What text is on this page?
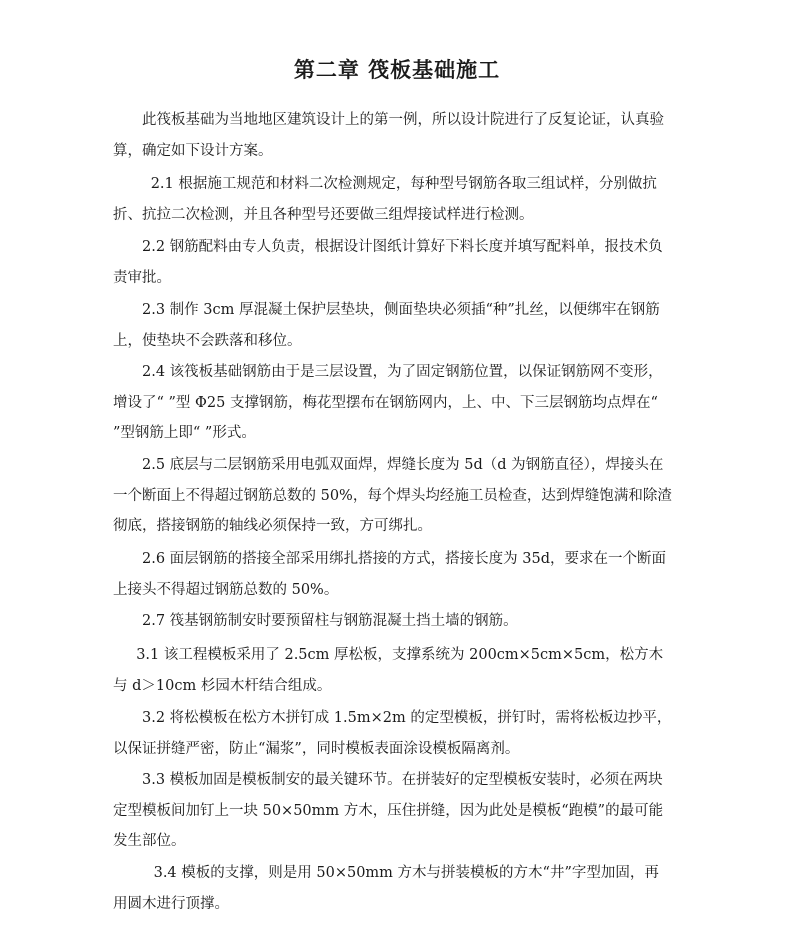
第二章 筏板基础施工

此筏板基础为当地地区建筑设计上的第一例，所以设计院进行了反复论证，认真验算，确定如下设计方案。

2.1 根据施工规范和材料二次检测规定，每种型号钢筋各取三组试样，分别做抗折、抗拉二次检测，并且各种型号还要做三组焊接试样进行检测。

2.2 钢筋配料由专人负责，根据设计图纸计算好下料长度并填写配料单，报技术负责审批。

2.3 制作 3cm 厚混凝土保护层垫块，侧面垫块必须插“种”扎丝，以便绑牢在钢筋上，使垫块不会跌落和移位。

2.4 该筏板基础钢筋由于是三层设置，为了固定钢筋位置，以保证钢筋网不变形，增设了“ ”型 Φ25 支撑钢筋，梅花型摆布在钢筋网内，上、中、下三层钢筋均点焊在“ ”型钢筋上即“ ”形式。

2.5 底层与二层钢筋采用电弧双面焊，焊缝长度为 5d（d 为钢筋直径），焊接头在一个断面上不得超过钢筋总数的 50%，每个焊头均经施工员检查，达到焊缝饱满和除渣彻底，搭接钢筋的轴线必须保持一致，方可绑扎。

2.6 面层钢筋的搭接全部采用绑扎搭接的方式，搭接长度为 35d，要求在一个断面上接头不得超过钢筋总数的 50%。

2.7 筏基钢筋制安时要预留柱与钢筋混凝土挡土墙的钢筋。

3.1 该工程模板采用了 2.5cm 厚松板，支撑系统为 200cm×5cm×5cm，松方木与 d＞10cm 杉园木杆结合组成。

3.2 将松模板在松方木拼钉成 1.5m×2m 的定型模板，拼钉时，需将松板边抄平，以保证拼缝严密，防止“漏浆”，同时模板表面涂设模板隔离剂。

3.3 模板加固是模板制安的最关键环节。在拼装好的定型模板安装时，必须在两块定型模板间加钉上一块 50×50mm 方木，压住拼缝，因为此处是模板“跑模”的最可能发生部位。

3.4 模板的支撑，则是用 50×50mm 方木与拼装模板的方木“井”字型加固，再用圆木进行顶撑。
